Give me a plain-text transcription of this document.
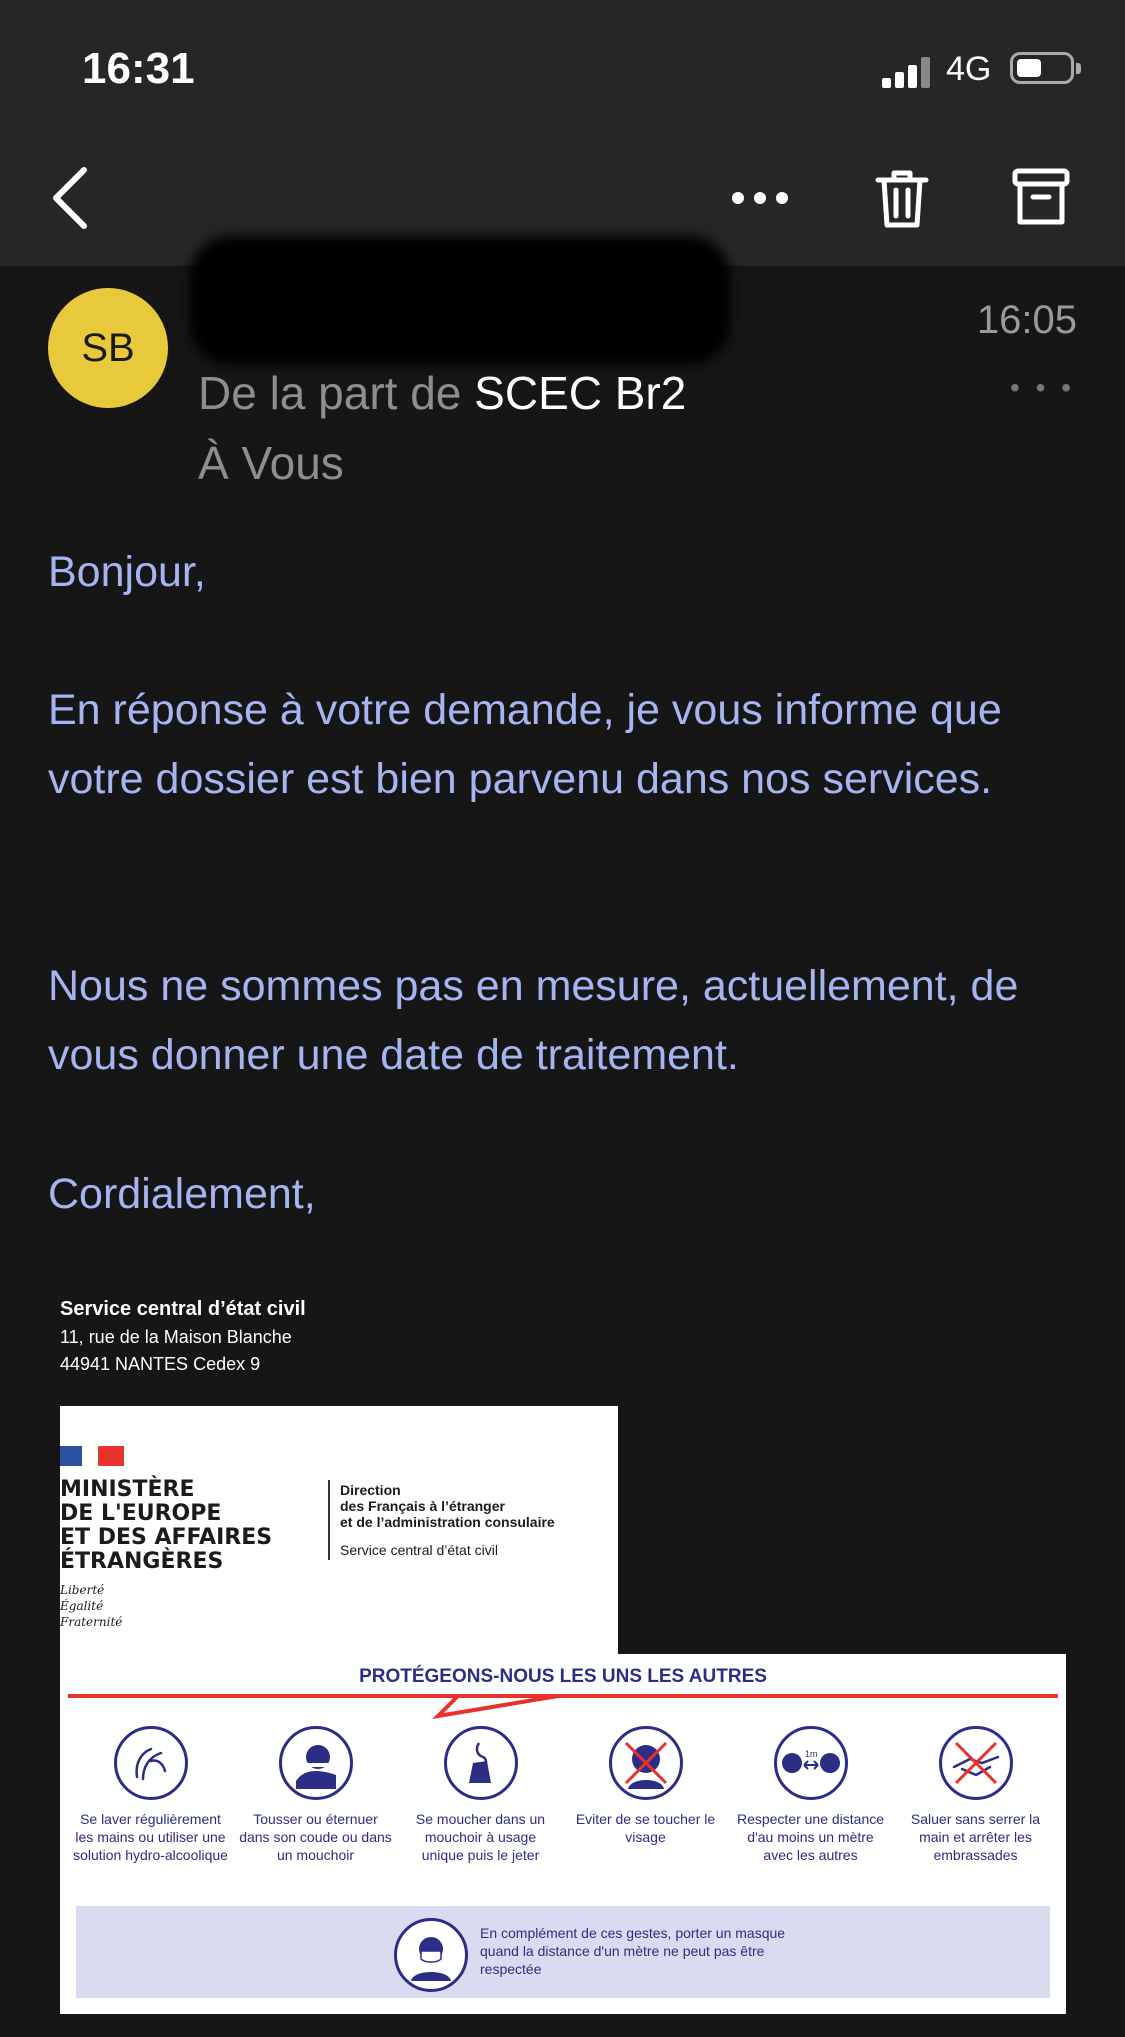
16:31	4G
SB
16:05
• • •
De la part de SCEC Br2
À Vous
Bonjour,
En réponse à votre demande, je vous informe que votre dossier est bien parvenu dans nos services.
Nous ne sommes pas en mesure, actuellement, de vous donner une date de traitement.
Cordialement,
Service central d’état civil
11, rue de la Maison Blanche
44941 NANTES Cedex 9
MINISTÈRE
DE L'EUROPE
ET DES AFFAIRES
ÉTRANGÈRES
Liberté
Égalité
Fraternité
Direction
des Français à l’étranger
et de l’administration consulaire
Service central d’état civil
PROTÉGEONS-NOUS LES UNS LES AUTRES
Se laver régulièrement les mains ou utiliser une solution hydro-alcoolique
Tousser ou éternuer dans son coude ou dans un mouchoir
Se moucher dans un mouchoir à usage unique puis le jeter
Eviter de se toucher le visage
1m
Respecter une distance d'au moins un mètre avec les autres
Saluer sans serrer la main et arrêter les embrassades
En complément de ces gestes, porter un masque quand la distance d'un mètre ne peut pas être respectée
